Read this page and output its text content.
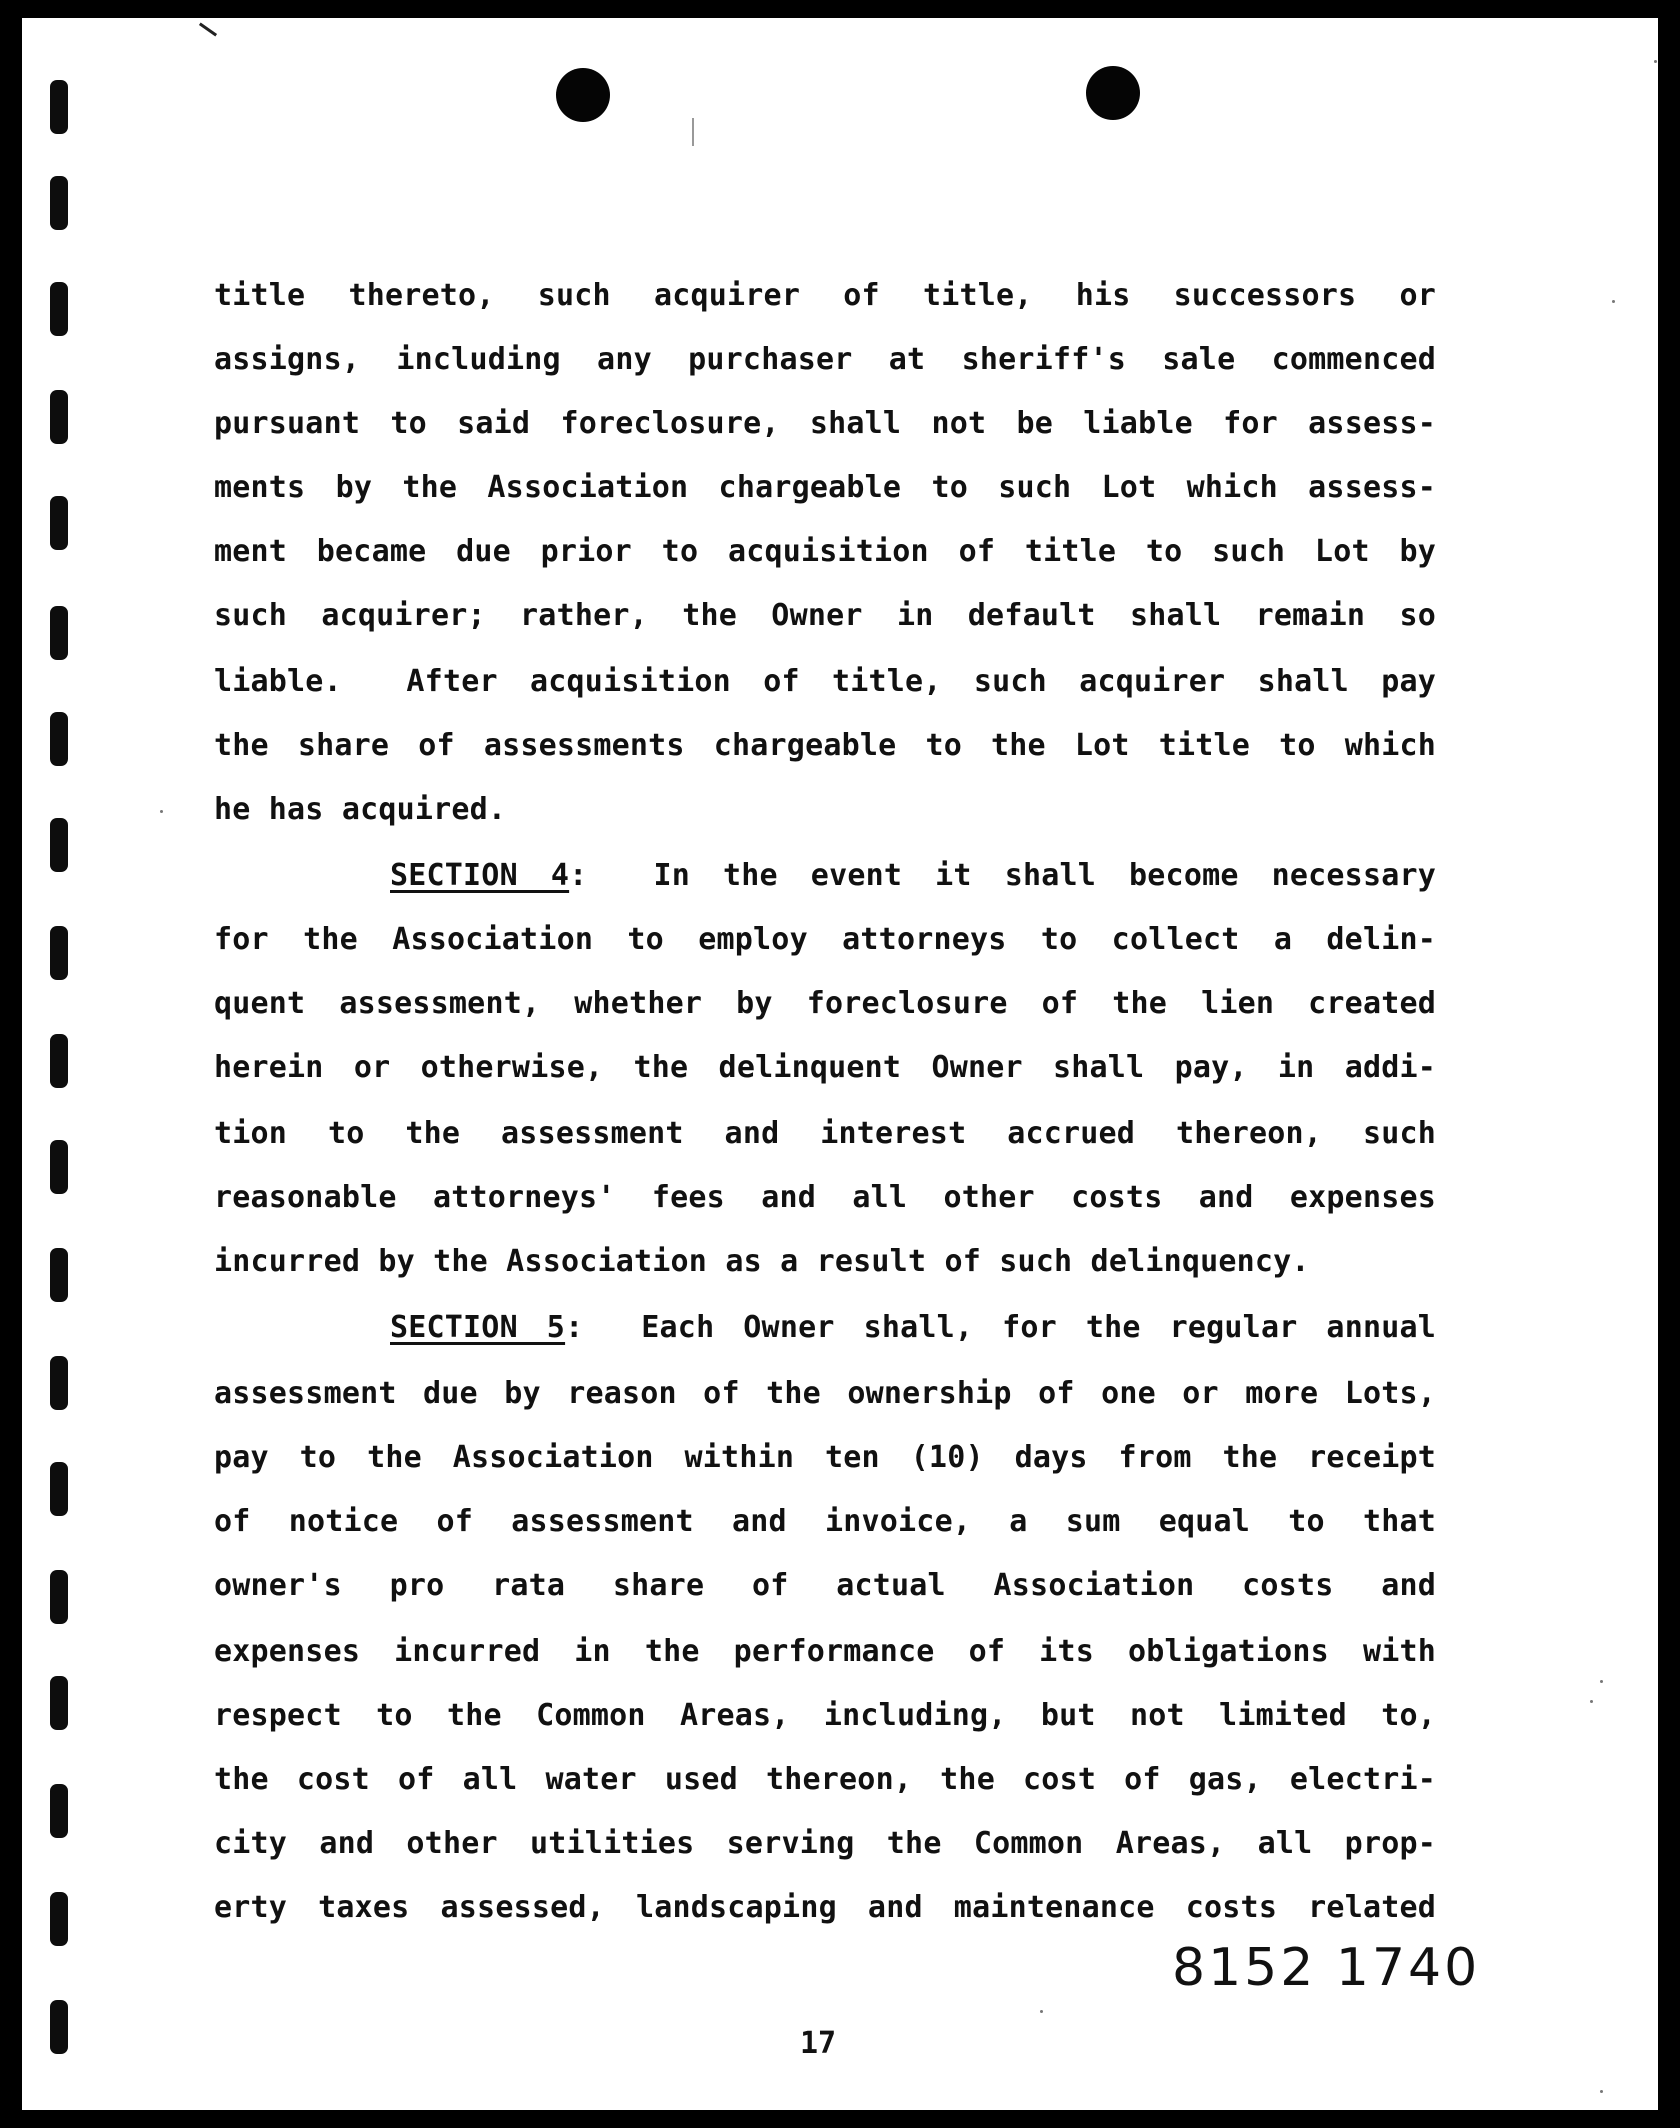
title thereto, such acquirer of title, his successors or
assigns, including any purchaser at sheriff's sale commenced
pursuant to said foreclosure, shall not be liable for assess-
ments by the Association chargeable to such Lot which assess-
ment became due prior to acquisition of title to such Lot by
such acquirer; rather, the Owner in default shall remain so
liable.  After acquisition of title, such acquirer shall pay
the share of assessments chargeable to the Lot title to which
he has acquired.
SECTION 4:  In the event it shall become necessary
for the Association to employ attorneys to collect a delin-
quent assessment, whether by foreclosure of the lien created
herein or otherwise, the delinquent Owner shall pay, in addi-
tion to the assessment and interest accrued thereon, such
reasonable attorneys' fees and all other costs and expenses
incurred by the Association as a result of such delinquency.
SECTION 5:  Each Owner shall, for the regular annual
assessment due by reason of the ownership of one or more Lots,
pay to the Association within ten (10) days from the receipt
of notice of assessment and invoice, a sum equal to that
owner's pro rata share of actual Association costs and
expenses incurred in the performance of its obligations with
respect to the Common Areas, including, but not limited to,
the cost of all water used thereon, the cost of gas, electri-
city and other utilities serving the Common Areas, all prop-
erty taxes assessed, landscaping and maintenance costs related
17
8152 1740
